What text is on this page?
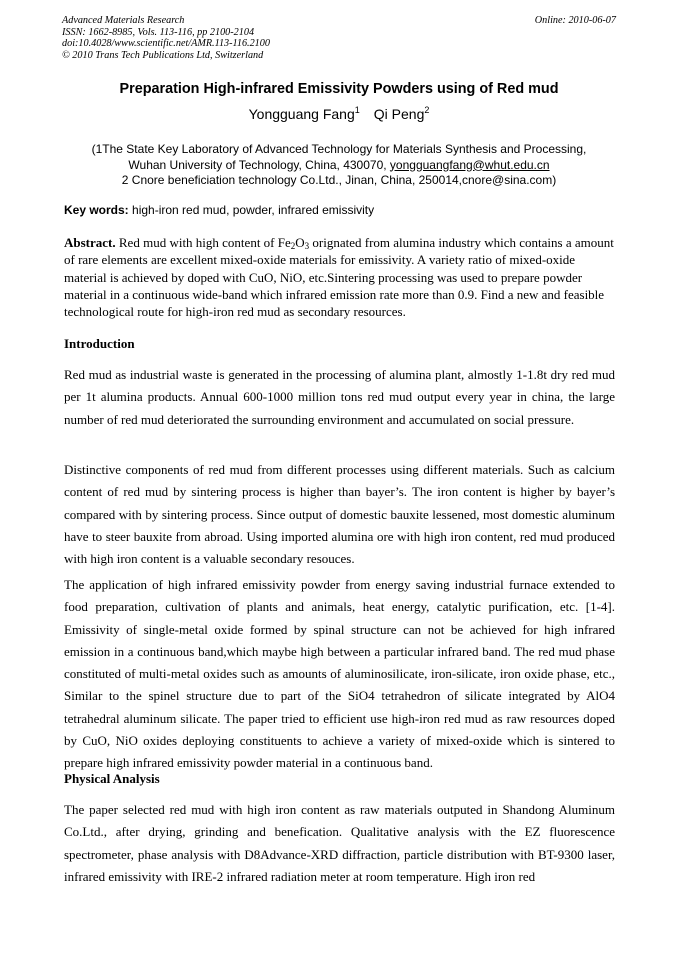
Advanced Materials Research
ISSN: 1662-8985, Vols. 113-116, pp 2100-2104
doi:10.4028/www.scientific.net/AMR.113-116.2100
© 2010 Trans Tech Publications Ltd, Switzerland
Online: 2010-06-07
Preparation High-infrared Emissivity Powders using of Red mud
Yongguang Fang$^1$ Qi Peng$^2$
(1The State Key Laboratory of Advanced Technology for Materials Synthesis and Processing,
Wuhan University of Technology, China, 430070, yongguangfang@whut.edu.cn
2 Cnore beneficiation technology Co.Ltd., Jinan, China, 250014,cnore@sina.com)
Key words: high-iron red mud, powder, infrared emissivity
Abstract. Red mud with high content of $Fe_2O_3$ orignated from alumina industry which contains a amount of rare elements are excellent mixed-oxide materials for emissivity. A variety ratio of mixed-oxide material is achieved by doped with CuO, NiO, etc.Sintering processing was used to prepare powder material in a continuous wide-band which infrared emission rate more than 0.9. Find a new and feasible technological route for high-iron red mud as secondary resources.
Introduction
Red mud as industrial waste is generated in the processing of alumina plant, almostly 1-1.8t dry red mud per 1t alumina products. Annual 600-1000 million tons red mud output every year in china, the large number of red mud deteriorated the surrounding environment and accumulated on social pressure.
Distinctive components of red mud from different processes using different materials. Such as calcium content of red mud by sintering process is higher than bayer’s. The iron content is higher by bayer’s compared with by sintering process. Since output of domestic bauxite lessened, most domestic aluminum have to steer bauxite from abroad. Using imported alumina ore with high iron content, red mud produced with high iron content is a valuable secondary resouces.
The application of high infrared emissivity powder from energy saving industrial furnace extended to food preparation, cultivation of plants and animals, heat energy, catalytic purification, etc. [1-4]. Emissivity of single-metal oxide formed by spinal structure can not be achieved for high infrared emission in a continuous band,which maybe high between a particular infrared band. The red mud phase constituted of multi-metal oxides such as amounts of aluminosilicate, iron-silicate, iron oxide phase, etc., Similar to the spinel structure due to part of the SiO4 tetrahedron of silicate integrated by AlO4 tetrahedral aluminum silicate. The paper tried to efficient use high-iron red mud as raw resources doped by CuO, NiO oxides deploying constituents to achieve a variety of mixed-oxide which is sintered to prepare high infrared emissivity powder material in a continuous band.
Physical Analysis
The paper selected red mud with high iron content as raw materials outputed in Shandong Aluminum Co.Ltd., after drying, grinding and benefication. Qualitative analysis with the EZ fluorescence spectrometer, phase analysis with D8Advance-XRD diffraction, particle distribution with BT-9300 laser, infrared emissivity with IRE-2 infrared radiation meter at room temperature. High iron red
